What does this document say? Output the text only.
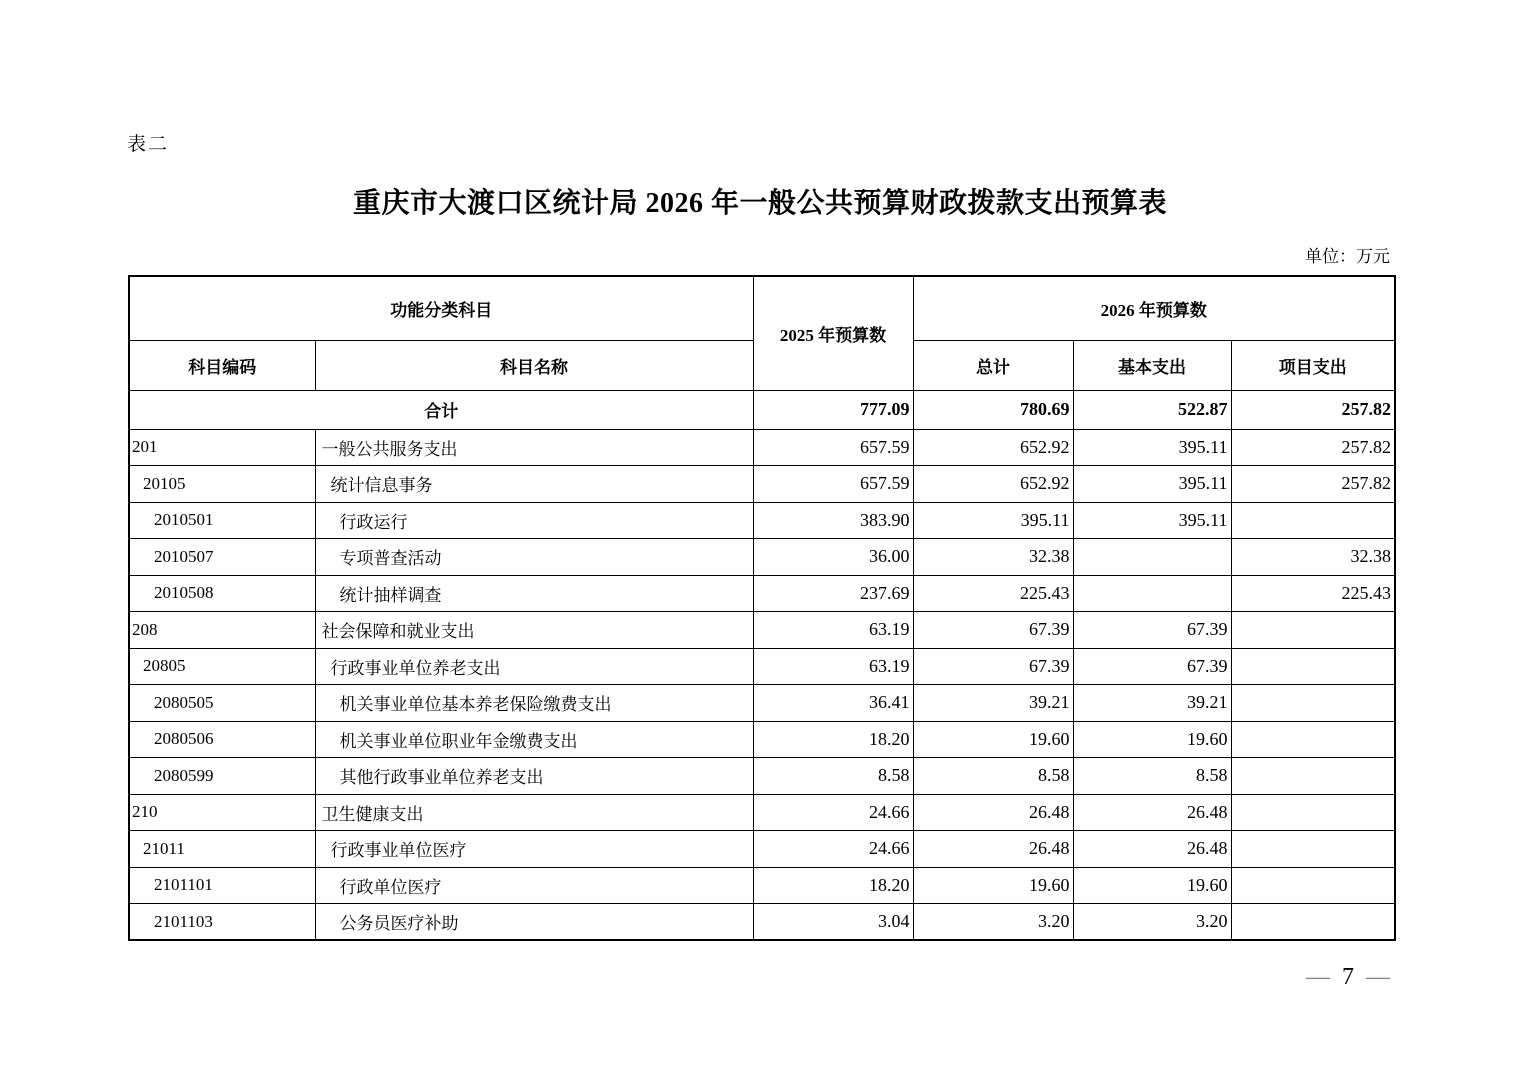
表二
重庆市大渡口区统计局 2026 年一般公共预算财政拨款支出预算表
单位：万元
功能分类科目		2025 年预算数	2026 年预算数		
科目编码	科目名称		总计	基本支出	项目支出
合计		777.09	780.69	522.87	257.82
201	一般公共服务支出	657.59	652.92	395.11	257.82
20105	统计信息事务	657.59	652.92	395.11	257.82
2010501	行政运行	383.90	395.11	395.11	
2010507	专项普查活动	36.00	32.38		32.38
2010508	统计抽样调查	237.69	225.43		225.43
208	社会保障和就业支出	63.19	67.39	67.39	
20805	行政事业单位养老支出	63.19	67.39	67.39	
2080505	机关事业单位基本养老保险缴费支出	36.41	39.21	39.21	
2080506	机关事业单位职业年金缴费支出	18.20	19.60	19.60	
2080599	其他行政事业单位养老支出	8.58	8.58	8.58	
210	卫生健康支出	24.66	26.48	26.48	
21011	行政事业单位医疗	24.66	26.48	26.48	
2101101	行政单位医疗	18.20	19.60	19.60	
2101103	公务员医疗补助	3.04	3.20	3.20	
— 7 —
